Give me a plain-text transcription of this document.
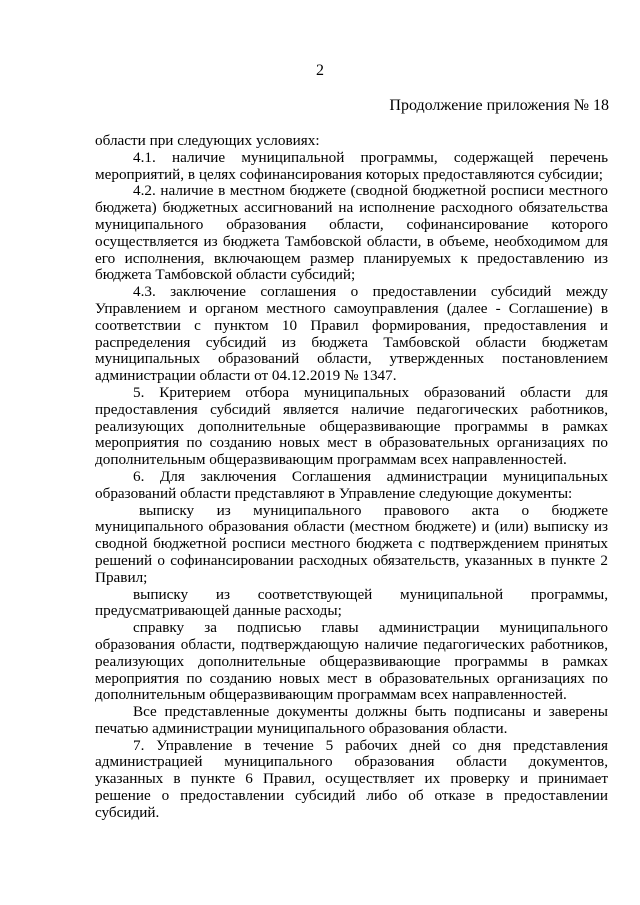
2
Продолжение приложения № 18

области при следующих условиях:

4.1. наличие муниципальной программы, содержащей перечень мероприятий, в целях софинансирования которых предоставляются субсидии;

4.2. наличие в местном бюджете (сводной бюджетной росписи местного бюджета) бюджетных ассигнований на исполнение расходного обязательства муниципального образования области, софинансирование которого осуществляется из бюджета Тамбовской области, в объеме, необходимом для его исполнения, включающем размер планируемых к предоставлению из бюджета Тамбовской области субсидий;

4.3. заключение соглашения о предоставлении субсидий между Управлением и органом местного самоуправления (далее - Соглашение) в соответствии с пунктом 10 Правил формирования, предоставления и распределения субсидий из бюджета Тамбовской области бюджетам муниципальных образований области, утвержденных постановлением администрации области от 04.12.2019 № 1347.

5. Критерием отбора муниципальных образований области для предоставления субсидий является наличие педагогических работников, реализующих дополнительные общеразвивающие программы в рамках мероприятия по созданию новых мест в образовательных организациях по дополнительным общеразвивающим программам всех направленностей.

6. Для заключения Соглашения администрации муниципальных образований области представляют в Управление следующие документы:

выписку из муниципального правового акта о бюджете муниципального образования области (местном бюджете) и (или) выписку из сводной бюджетной росписи местного бюджета с подтверждением принятых решений о софинансировании расходных обязательств, указанных в пункте 2 Правил;

выписку из соответствующей муниципальной программы, предусматривающей данные расходы;

справку за подписью главы администрации муниципального образования области, подтверждающую наличие педагогических работников, реализующих дополнительные общеразвивающие программы в рамках мероприятия по созданию новых мест в образовательных организациях по дополнительным общеразвивающим программам всех направленностей.

Все представленные документы должны быть подписаны и заверены печатью администрации муниципального образования области.

7. Управление в течение 5 рабочих дней со дня представления администрацией муниципального образования области документов, указанных в пункте 6 Правил, осуществляет их проверку и принимает решение о предоставлении субсидий либо об отказе в предоставлении субсидий.
